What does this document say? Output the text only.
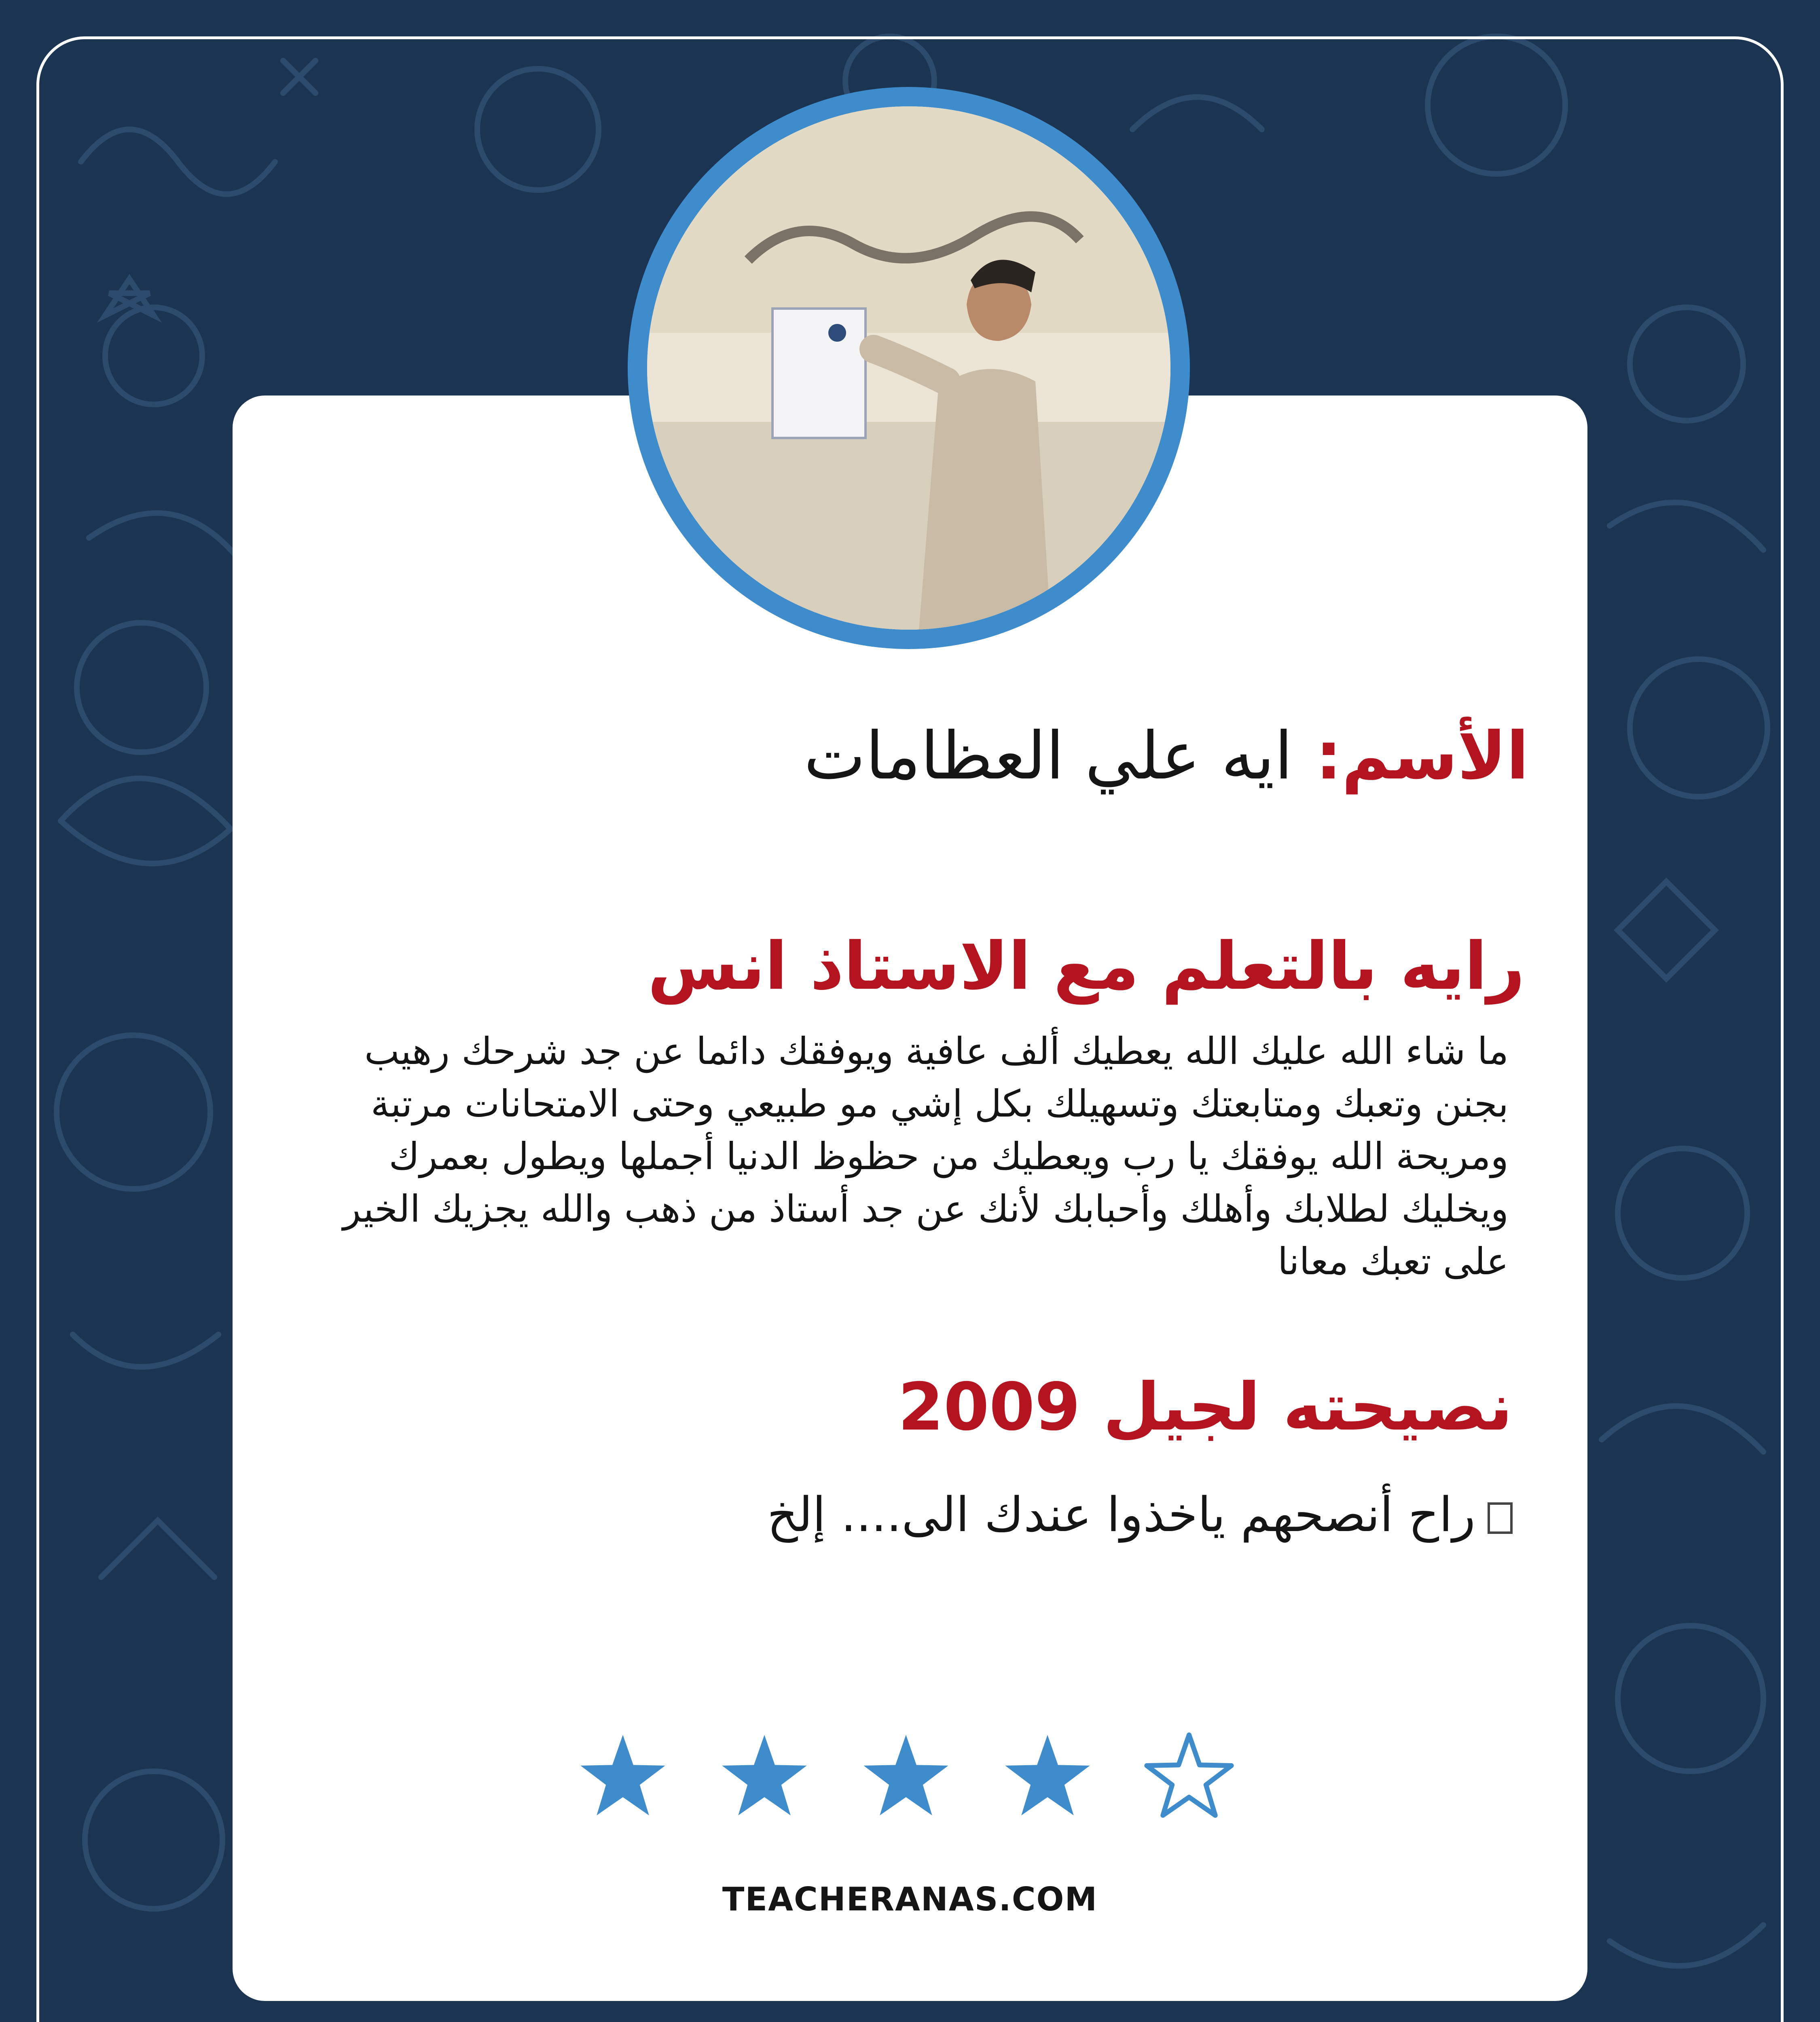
الأسم: ايه علي العظامات
رايه بالتعلم مع الاستاذ انس
ما شاء الله عليك الله يعطيك ألف عافية ويوفقك دائما عن جد شرحك رهيب بجنن وتعبك ومتابعتك وتسهيلك بكل إشي مو طبيعي وحتى الامتحانات مرتبة ومريحة الله يوفقك يا رب ويعطيك من حظوظ الدنيا أجملها ويطول بعمرك ويخليك لطلابك وأهلك وأحبابك لأنك عن جد أستاذ من ذهب والله يجزيك الخير على تعبك معانا
نصيحته لجيل 2009
راح أنصحهم ياخذوا عندك الى.... إلخ
TEACHERANAS.COM
